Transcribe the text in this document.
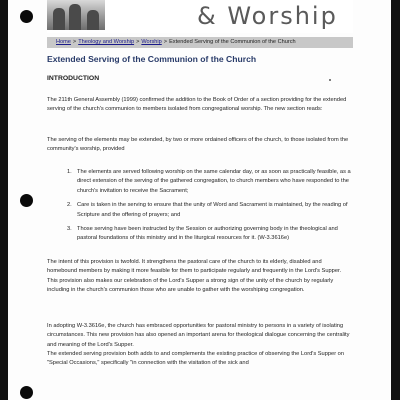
& Worship
Home > Theology and Worship > Worship > Extended Serving of the Communion of the Church
Extended Serving of the Communion of the Church
INTRODUCTION

The 211th General Assembly (1999) confirmed the addition to the Book of Order of a section providing for the extended serving of the church's communion to members isolated from congregational worship. The new section reads:

The serving of the elements may be extended, by two or more ordained officers of the church, to those isolated from the community's worship, provided

1. The elements are served following worship on the same calendar day, or as soon as practically feasible, as a direct extension of the serving of the gathered congregation, to church members who have responded to the church's invitation to receive the Sacrament;
2. Care is taken in the serving to ensure that the unity of Word and Sacrament is maintained, by the reading of Scripture and the offering of prayers; and
3. Those serving have been instructed by the Session or authorizing governing body in the theological and pastoral foundations of this ministry and in the liturgical resources for it. (W-3.3616e)

The intent of this provision is twofold. It strengthens the pastoral care of the church to its elderly, disabled and homebound members by making it more feasible for them to participate regularly and frequently in the Lord's Supper. This provision also makes our celebration of the Lord's Supper a strong sign of the unity of the church by regularly including in the church's communion those who are unable to gather with the worshiping congregation.

In adopting W-3.3616e, the church has embraced opportunities for pastoral ministry to persons in a variety of isolating circumstances. This new provision has also opened an important arena for theological dialogue concerning the centrality and meaning of the Lord's Supper.

The extended serving provision both adds to and complements the existing practice of observing the Lord's Supper on "Special Occasions," specifically "in connection with the visitation of the sick and
